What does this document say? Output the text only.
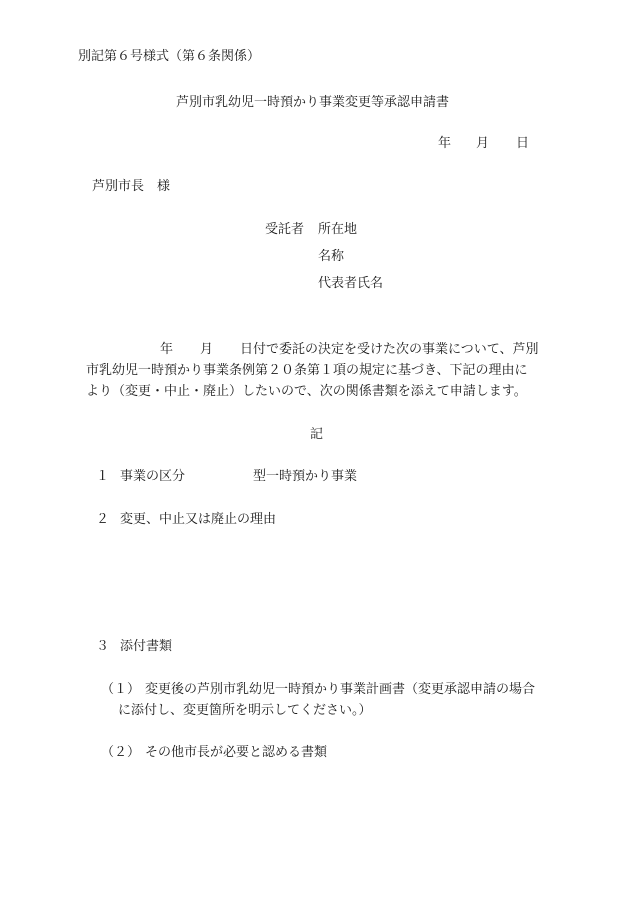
別記第６号様式（第６条関係）
芦別市乳幼児一時預かり事業変更等承認申請書
年 月 日
芦別市長　様
受託者 所在地
名称
代表者氏名
年 月 日付で委託の決定を受けた次の事業について、芦別
市乳幼児一時預かり事業条例第２０条第１項の規定に基づき、下記の理由に
より（変更・中止・廃止）したいので、次の関係書類を添えて申請します。
記
１ 事業の区分	型一時預かり事業
２ 変更、中止又は廃止の理由
３ 添付書類
（１） 変更後の芦別市乳幼児一時預かり事業計画書（変更承認申請の場合
に添付し、変更箇所を明示してください。）
（２） その他市長が必要と認める書類
